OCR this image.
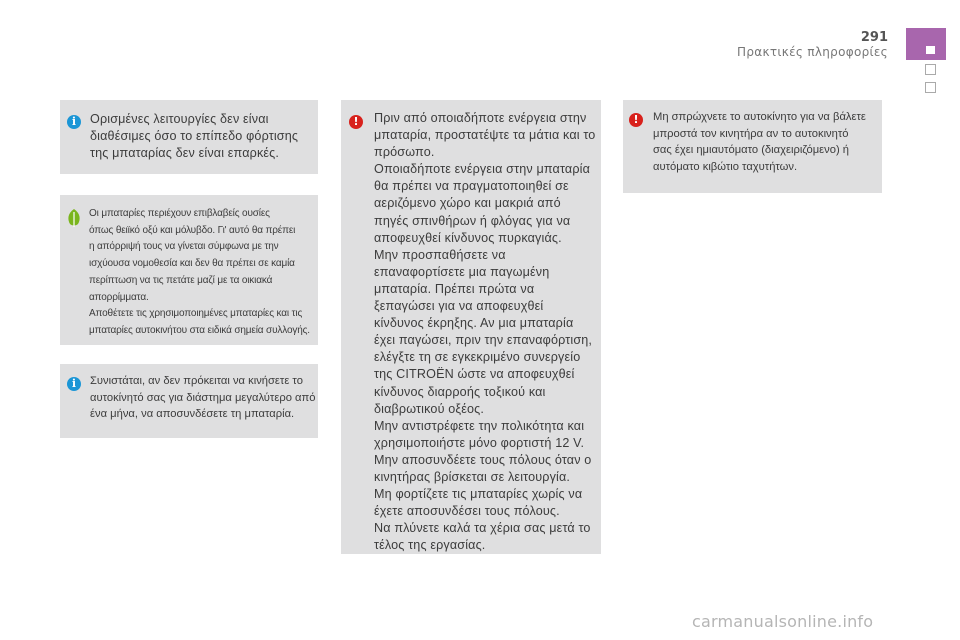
291
Πρακτικές πληροφορίες
i	Ορισμένες λειτουργίες δεν είναι
διαθέσιμες όσο το επίπεδο φόρτισης
της μπαταρίας δεν είναι επαρκές.
Οι μπαταρίες περιέχουν επιβλαβείς ουσίες
όπως θειϊκό οξύ και μόλυβδο. Γι' αυτό θα πρέπει
η απόρριψή τους να γίνεται σύμφωνα με την
ισχύουσα νομοθεσία και δεν θα πρέπει σε καμία
περίπτωση να τις πετάτε μαζί με τα οικιακά
απορρίμματα.
Αποθέτετε τις χρησιμοποιημένες μπαταρίες και τις
μπαταρίες αυτοκινήτου στα ειδικά σημεία συλλογής.
i	Συνιστάται, αν δεν πρόκειται να κινήσετε το
αυτοκίνητό σας για διάστημα μεγαλύτερο από
ένα μήνα, να αποσυνδέσετε τη μπαταρία.
!	Πριν από οποιαδήποτε ενέργεια στην
μπαταρία, προστατέψτε τα μάτια και το
πρόσωπο.
Οποιαδήποτε ενέργεια στην μπαταρία
θα πρέπει να πραγματοποιηθεί σε
αεριζόμενο χώρο και μακριά από
πηγές σπινθήρων ή φλόγας για να
αποφευχθεί κίνδυνος πυρκαγιάς.
Μην προσπαθήσετε να
επαναφορτίσετε μια παγωμένη
μπαταρία. Πρέπει πρώτα να
ξεπαγώσει για να αποφευχθεί
κίνδυνος έκρηξης. Αν μια μπαταρία
έχει παγώσει, πριν την επαναφόρτιση,
ελέγξτε τη σε εγκεκριμένο συνεργείο
της CITROËN ώστε να αποφευχθεί
κίνδυνος διαρροής τοξικού και
διαβρωτικού οξέος.
Μην αντιστρέφετε την πολικότητα και
χρησιμοποιήστε μόνο φορτιστή 12 V.
Μην αποσυνδέετε τους πόλους όταν ο
κινητήρας βρίσκεται σε λειτουργία.
Μη φορτίζετε τις μπαταρίες χωρίς να
έχετε αποσυνδέσει τους πόλους.
Να πλύνετε καλά τα χέρια σας μετά το
τέλος της εργασίας.
!	Μη σπρώχνετε το αυτοκίνητο για να βάλετε
μπροστά τον κινητήρα αν το αυτοκινητό
σας έχει ημιαυτόματο (διαχειριζόμενο) ή
αυτόματο κιβώτιο ταχυτήτων.
carmanualsonline.info
